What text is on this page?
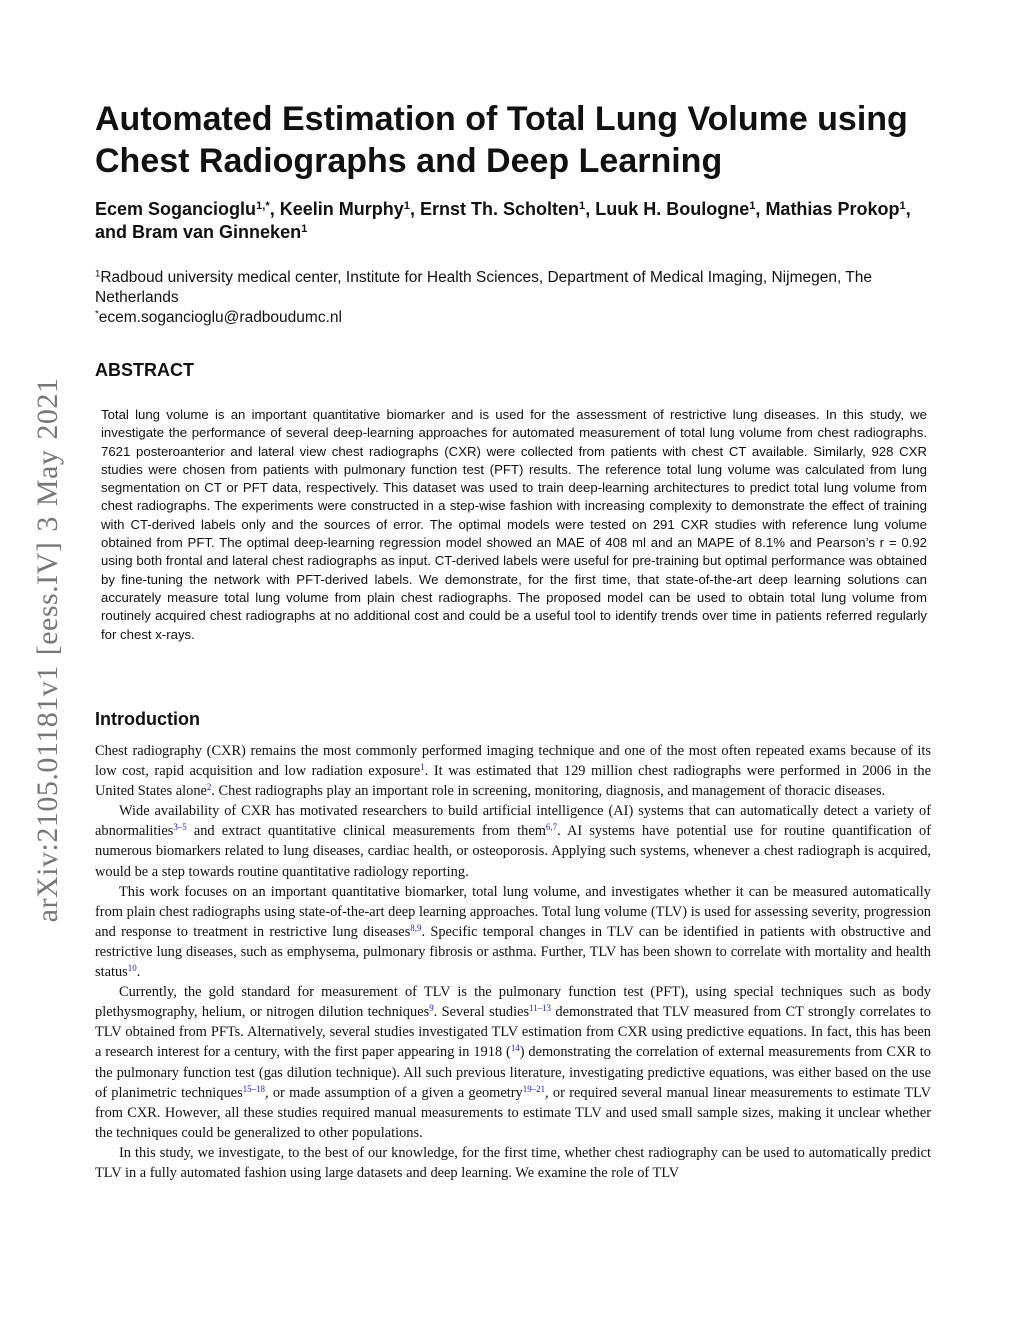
arXiv:2105.01181v1 [eess.IV] 3 May 2021
Automated Estimation of Total Lung Volume using Chest Radiographs and Deep Learning
Ecem Sogancioglu$^{1,*}$, Keelin Murphy$^1$, Ernst Th. Scholten$^1$, Luuk H. Boulogne$^1$, Mathias Prokop$^1$, and Bram van Ginneken$^1$
$^1$Radboud university medical center, Institute for Health Sciences, Department of Medical Imaging, Nijmegen, The Netherlands
*ecem.sogancioglu@radboudumc.nl
ABSTRACT

Total lung volume is an important quantitative biomarker and is used for the assessment of restrictive lung diseases. In this study, we investigate the performance of several deep-learning approaches for automated measurement of total lung volume from chest radiographs. 7621 posteroanterior and lateral view chest radiographs (CXR) were collected from patients with chest CT available. Similarly, 928 CXR studies were chosen from patients with pulmonary function test (PFT) results. The reference total lung volume was calculated from lung segmentation on CT or PFT data, respectively. This dataset was used to train deep-learning architectures to predict total lung volume from chest radiographs. The experiments were constructed in a step-wise fashion with increasing complexity to demonstrate the effect of training with CT-derived labels only and the sources of error. The optimal models were tested on 291 CXR studies with reference lung volume obtained from PFT. The optimal deep-learning regression model showed an MAE of 408 ml and an MAPE of 8.1% and Pearson’s r = 0.92 using both frontal and lateral chest radiographs as input. CT-derived labels were useful for pre-training but optimal performance was obtained by fine-tuning the network with PFT-derived labels. We demonstrate, for the first time, that state-of-the-art deep learning solutions can accurately measure total lung volume from plain chest radiographs. The proposed model can be used to obtain total lung volume from routinely acquired chest radiographs at no additional cost and could be a useful tool to identify trends over time in patients referred regularly for chest x-rays.

Introduction

Chest radiography (CXR) remains the most commonly performed imaging technique and one of the most often repeated exams because of its low cost, rapid acquisition and low radiation exposure$^1$. It was estimated that 129 million chest radiographs were performed in 2006 in the United States alone$^2$. Chest radiographs play an important role in screening, monitoring, diagnosis, and management of thoracic diseases.

Wide availability of CXR has motivated researchers to build artificial intelligence (AI) systems that can automatically detect a variety of abnormalities$^{3-5}$ and extract quantitative clinical measurements from them$^{6,7}$. AI systems have potential use for routine quantification of numerous biomarkers related to lung diseases, cardiac health, or osteoporosis. Applying such systems, whenever a chest radiograph is acquired, would be a step towards routine quantitative radiology reporting.

This work focuses on an important quantitative biomarker, total lung volume, and investigates whether it can be measured automatically from plain chest radiographs using state-of-the-art deep learning approaches. Total lung volume (TLV) is used for assessing severity, progression and response to treatment in restrictive lung diseases$^{8,9}$. Specific temporal changes in TLV can be identified in patients with obstructive and restrictive lung diseases, such as emphysema, pulmonary fibrosis or asthma. Further, TLV has been shown to correlate with mortality and health status$^{10}$.

Currently, the gold standard for measurement of TLV is the pulmonary function test (PFT), using special techniques such as body plethysmography, helium, or nitrogen dilution techniques$^9$. Several studies$^{11-13}$ demonstrated that TLV measured from CT strongly correlates to TLV obtained from PFTs. Alternatively, several studies investigated TLV estimation from CXR using predictive equations. In fact, this has been a research interest for a century, with the first paper appearing in 1918 ($^{14}$) demonstrating the correlation of external measurements from CXR to the pulmonary function test (gas dilution technique). All such previous literature, investigating predictive equations, was either based on the use of planimetric techniques$^{15-18}$, or made assumption of a given a geometry$^{19-21}$, or required several manual linear measurements to estimate TLV from CXR. However, all these studies required manual measurements to estimate TLV and used small sample sizes, making it unclear whether the techniques could be generalized to other populations.

In this study, we investigate, to the best of our knowledge, for the first time, whether chest radiography can be used to automatically predict TLV in a fully automated fashion using large datasets and deep learning. We examine the role of TLV
